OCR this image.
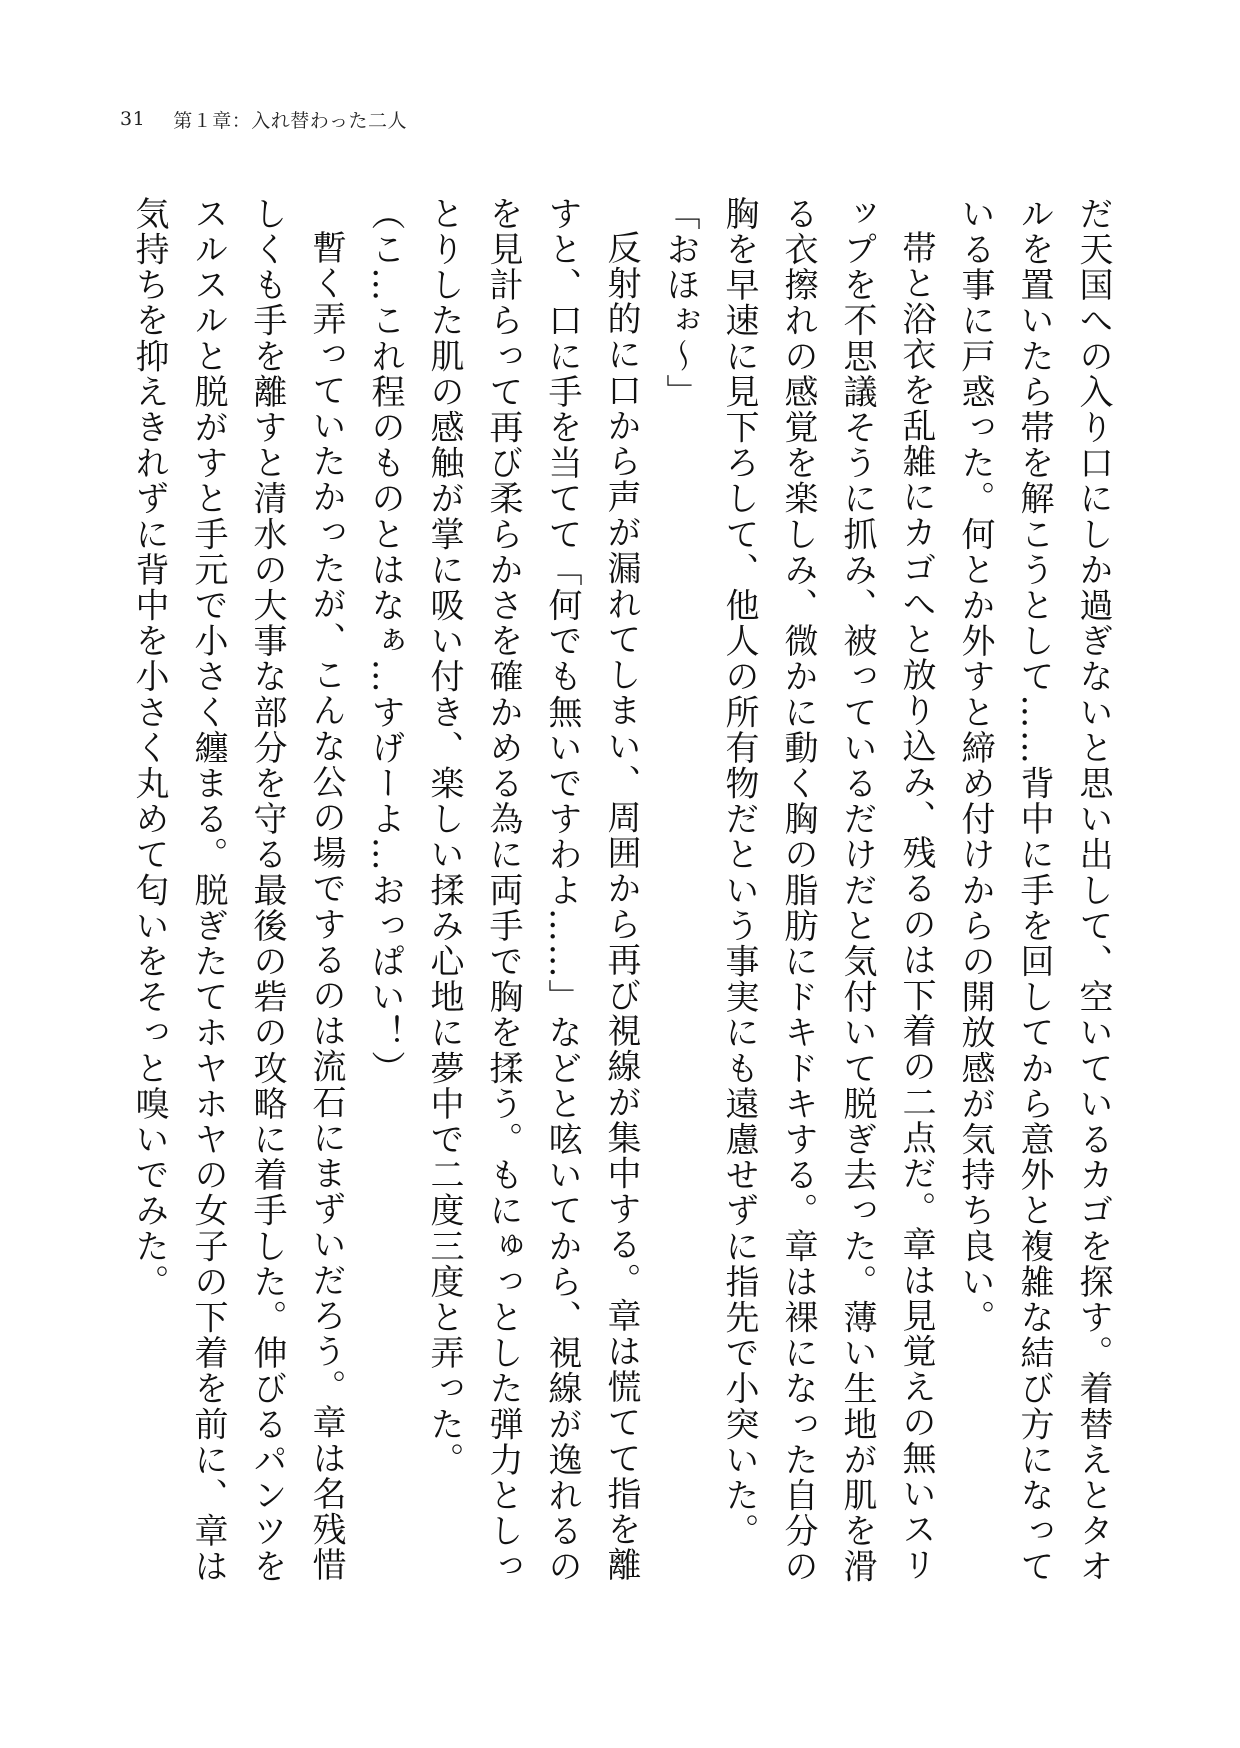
31 第１章：入れ替わった二人

だ天国への入り口にしか過ぎないと思い出して、空いているカゴを探す。着替えとタオルを置いたら帯を解こうとして……背中に手を回してから意外と複雑な結び方になっている事に戸惑った。何とか外すと締め付けからの開放感が気持ち良い。

帯と浴衣を乱雑にカゴへと放り込み、残るのは下着の二点だ。章は見覚えの無いスリップを不思議そうに抓み、被っているだけだと気付いて脱ぎ去った。薄い生地が肌を滑る衣擦れの感覚を楽しみ、微かに動く胸の脂肪にドキドキする。章は裸になった自分の胸を早速に見下ろして、他人の所有物だという事実にも遠慮せずに指先で小突いた。

「おほぉ〜」

反射的に口から声が漏れてしまい、周囲から再び視線が集中する。章は慌てて指を離すと、口に手を当てて「何でも無いですわよ……」などと呟いてから、視線が逸れるのを見計らって再び柔らかさを確かめる為に両手で胸を揉う。もにゅっとした弾力としっとりした肌の感触が掌に吸い付き、楽しい揉み心地に夢中で二度三度と弄った。

（こ…これ程のものとはなぁ…すげーよ…おっぱい！）

暫く弄っていたかったが、こんな公の場でするのは流石にまずいだろう。章は名残惜しくも手を離すと清水の大事な部分を守る最後の砦の攻略に着手した。伸びるパンツをスルスルと脱がすと手元で小さく纏まる。脱ぎたてホヤホヤの女子の下着を前に、章は気持ちを抑えきれずに背中を小さく丸めて匂いをそっと嗅いでみた。
